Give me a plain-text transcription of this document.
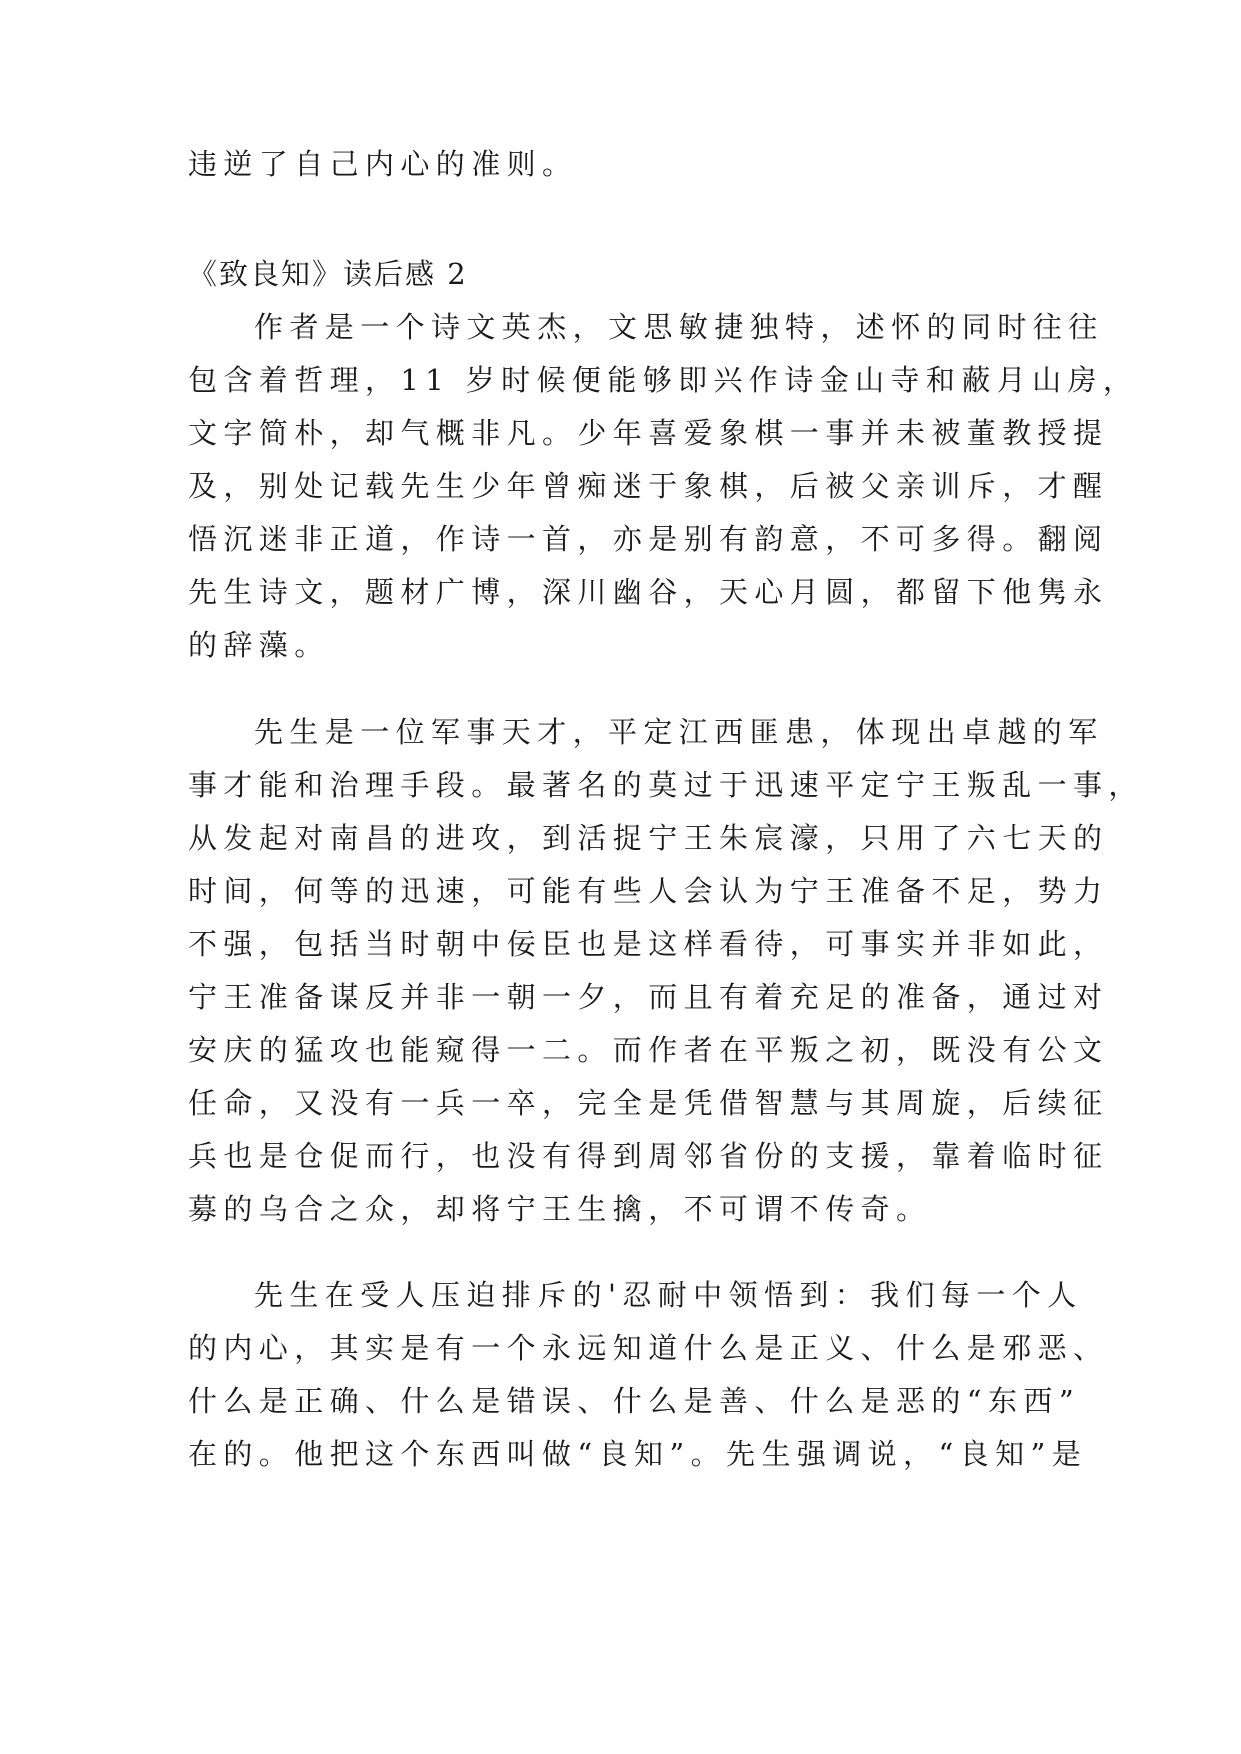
违逆了自己内心的准则。
《致良知》读后感 2
作者是一个诗文英杰，文思敏捷独特，述怀的同时往往
包含着哲理，11 岁时候便能够即兴作诗金山寺和蔽月山房，
文字简朴，却气概非凡。少年喜爱象棋一事并未被董教授提
及，别处记载先生少年曾痴迷于象棋，后被父亲训斥，才醒
悟沉迷非正道，作诗一首，亦是别有韵意，不可多得。翻阅
先生诗文，题材广博，深川幽谷，天心月圆，都留下他隽永
的辞藻。
先生是一位军事天才，平定江西匪患，体现出卓越的军
事才能和治理手段。最著名的莫过于迅速平定宁王叛乱一事，
从发起对南昌的进攻，到活捉宁王朱宸濠，只用了六七天的
时间，何等的迅速，可能有些人会认为宁王准备不足，势力
不强，包括当时朝中佞臣也是这样看待，可事实并非如此，
宁王准备谋反并非一朝一夕，而且有着充足的准备，通过对
安庆的猛攻也能窥得一二。而作者在平叛之初，既没有公文
任命，又没有一兵一卒，完全是凭借智慧与其周旋，后续征
兵也是仓促而行，也没有得到周邻省份的支援，靠着临时征
募的乌合之众，却将宁王生擒，不可谓不传奇。
先生在受人压迫排斥的'忍耐中领悟到：我们每一个人
的内心，其实是有一个永远知道什么是正义、什么是邪恶、
什么是正确、什么是错误、什么是善、什么是恶的“东西”
在的。他把这个东西叫做“良知”。先生强调说，“良知”是
